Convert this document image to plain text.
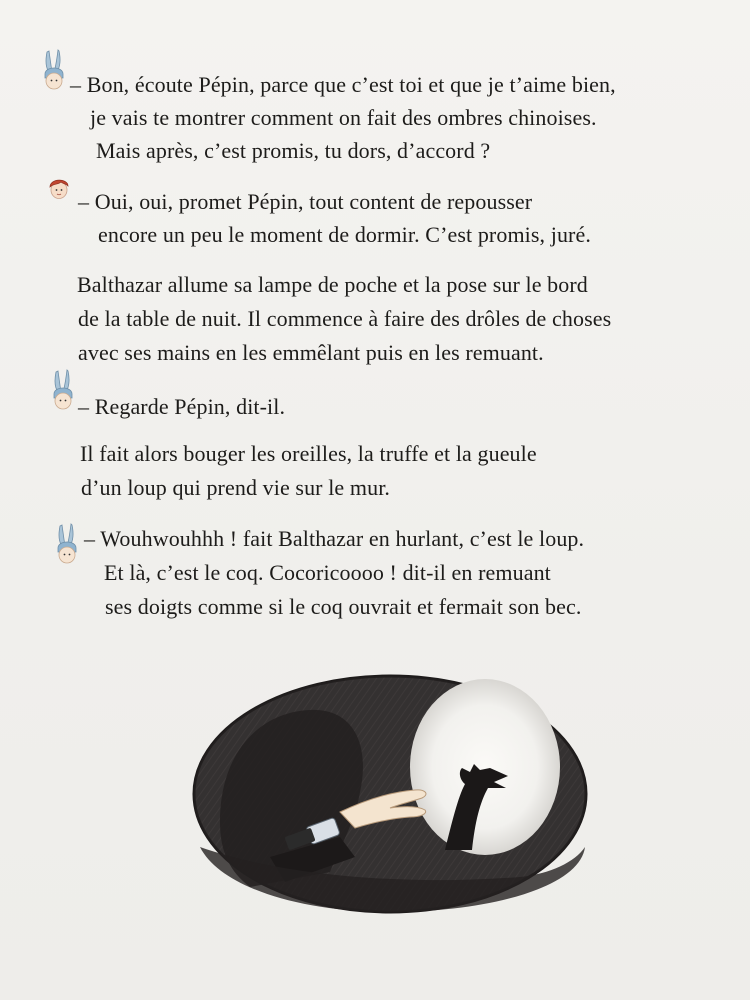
– Bon, écoute Pépin, parce que c’est toi et que je t’aime bien,
je vais te montrer comment on fait des ombres chinoises.
Mais après, c’est promis, tu dors, d’accord ?
– Oui, oui, promet Pépin, tout content de repousser
encore un peu le moment de dormir. C’est promis, juré.
Balthazar allume sa lampe de poche et la pose sur le bord
de la table de nuit. Il commence à faire des drôles de choses
avec ses mains en les emmêlant puis en les remuant.
– Regarde Pépin, dit-il.
Il fait alors bouger les oreilles, la truffe et la gueule
d’un loup qui prend vie sur le mur.
– Wouhwouhhh ! fait Balthazar en hurlant, c’est le loup.
Et là, c’est le coq. Cocoricoooo ! dit-il en remuant
ses doigts comme si le coq ouvrait et fermait son bec.
